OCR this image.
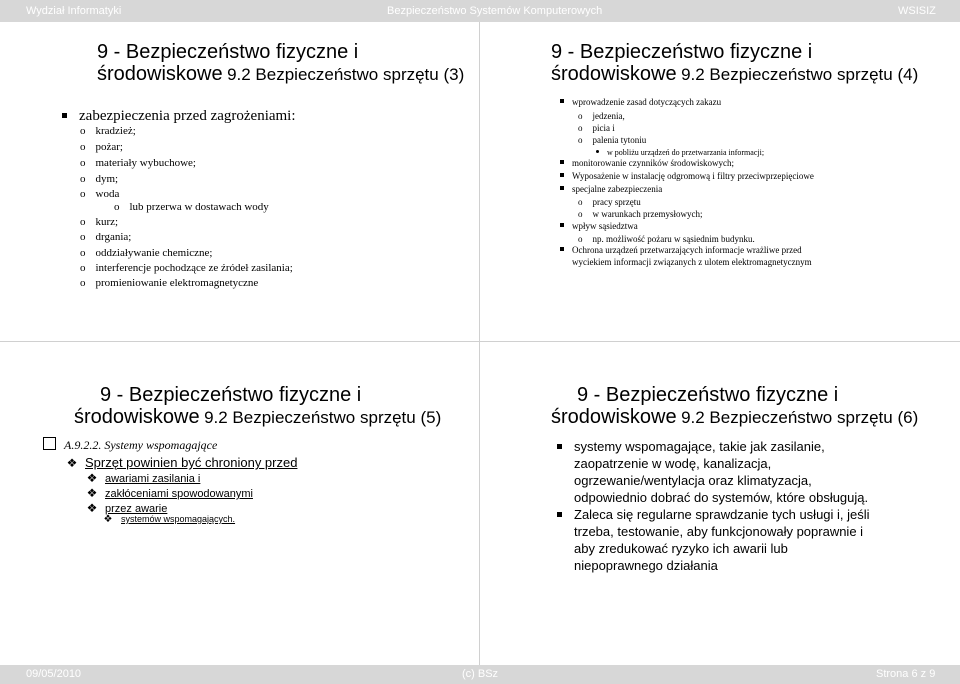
Wydział Informatyki	Bezpieczeństwo Systemów Komputerowych	WSISIZ
9 - Bezpieczeństwo fizyczne i
środowiskowe 9.2 Bezpieczeństwo sprzętu (3)
zabezpieczenia przed zagrożeniami:
o kradzież;
o pożar;
o materiały wybuchowe;
o dym;
o woda
o lub przerwa w dostawach wody
o kurz;
o drgania;
o oddziaływanie chemiczne;
o interferencje pochodzące ze źródeł zasilania;
o promieniowanie elektromagnetyczne
9 - Bezpieczeństwo fizyczne i
środowiskowe 9.2 Bezpieczeństwo sprzętu (4)
wprowadzenie zasad dotyczących zakazu
o jedzenia,
o picia i
o palenia tytoniu
w pobliżu urządzeń do przetwarzania informacji;
monitorowanie czynników środowiskowych;
Wyposażenie w instalację odgromową i filtry przeciwprzepięciowe
specjalne zabezpieczenia
o pracy sprzętu
o w warunkach przemysłowych;
wpływ sąsiedztwa
o np. możliwość pożaru w sąsiednim budynku.
Ochrona urządzeń przetwarzających informacje wrażliwe przed
wyciekiem informacji związanych z ulotem elektromagnetycznym
9 - Bezpieczeństwo fizyczne i
środowiskowe 9.2 Bezpieczeństwo sprzętu (5)
A.9.2.2. Systemy wspomagające
❖ Sprzęt powinien być chroniony przed
❖ awariami zasilania i
❖ zakłóceniami spowodowanymi
❖ przez awarie
❖ systemów wspomagających.
9 - Bezpieczeństwo fizyczne i
środowiskowe 9.2 Bezpieczeństwo sprzętu (6)
systemy wspomagające, takie jak zasilanie,
zaopatrzenie w wodę, kanalizacja,
ogrzewanie/wentylacja oraz klimatyzacja,
odpowiednio dobrać do systemów, które obsługują.
Zaleca się regularne sprawdzanie tych usługi i, jeśli
trzeba, testowanie, aby funkcjonowały poprawnie i
aby zredukować ryzyko ich awarii lub
niepoprawnego działania
09/05/2010	(c) BSz	Strona 6 z 9
